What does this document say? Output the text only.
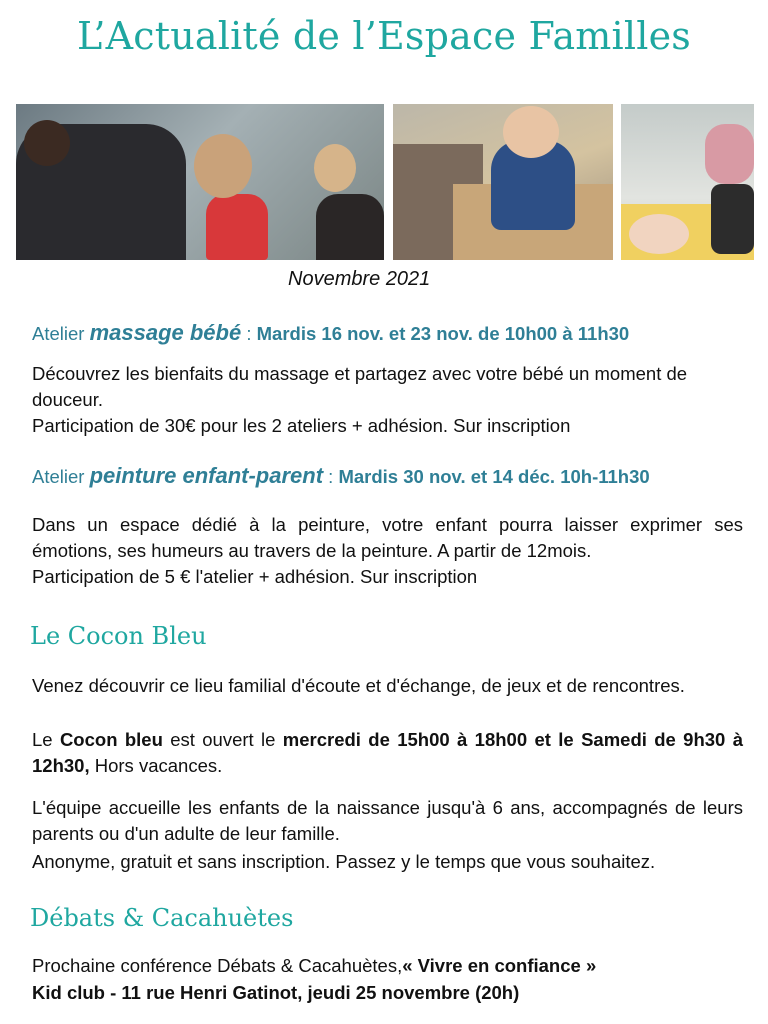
L’Actualité de l’Espace Familles
Novembre 2021
Atelier massage bébé : Mardis 16 nov. et 23 nov. de 10h00 à 11h30
Découvrez les bienfaits du massage et partagez avec votre bébé un moment de douceur.
Participation de 30€ pour les 2 ateliers + adhésion. Sur inscription
Atelier peinture enfant-parent : Mardis 30 nov. et 14 déc. 10h-11h30
Dans un espace dédié à la peinture, votre enfant pourra laisser exprimer ses émotions, ses humeurs au travers de la peinture. A partir de 12mois.
Participation de 5 € l'atelier + adhésion. Sur inscription
Le Cocon Bleu
Venez découvrir ce lieu familial d'écoute et d'échange, de jeux et de rencontres.
Le Cocon bleu est ouvert le mercredi de 15h00 à 18h00 et le Samedi de 9h30 à 12h30, Hors vacances.
L'équipe accueille les enfants de la naissance jusqu'à 6 ans, accompagnés de leurs parents ou d'un adulte de leur famille.
Anonyme, gratuit et sans inscription. Passez y le temps que vous souhaitez.
Débats & Cacahuètes
Prochaine conférence Débats & Cacahuètes,« Vivre en confiance »
Kid club - 11 rue Henri Gatinot, jeudi 25 novembre (20h)
